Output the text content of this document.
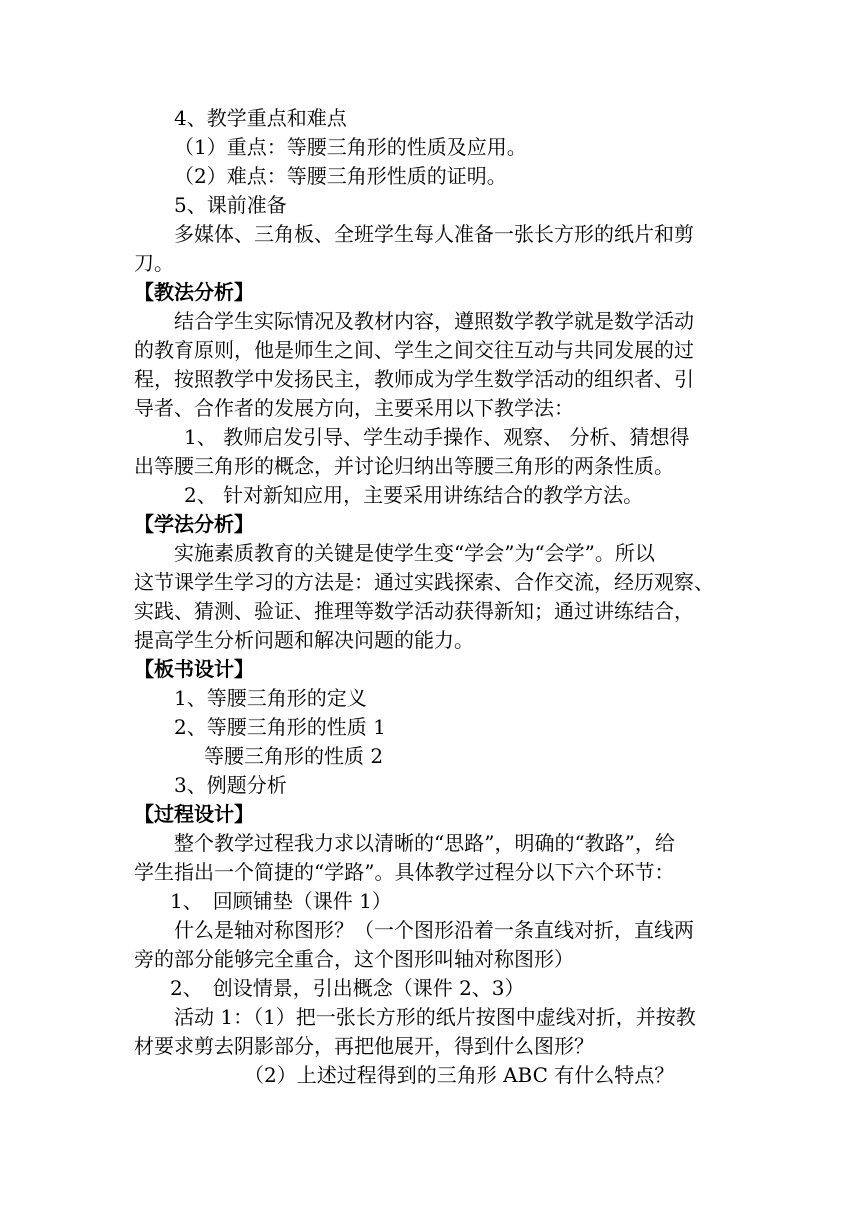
4、教学重点和难点
（1）重点：等腰三角形的性质及应用。
（2）难点：等腰三角形性质的证明。
5、课前准备
多媒体、三角板、全班学生每人准备一张长方形的纸片和剪
刀。
【教法分析】
结合学生实际情况及教材内容，遵照数学教学就是数学活动
的教育原则，他是师生之间、学生之间交往互动与共同发展的过
程，按照教学中发扬民主，教师成为学生数学活动的组织者、引
导者、合作者的发展方向，主要采用以下教学法：
1、 教师启发引导、学生动手操作、观察、 分析、猜想得
出等腰三角形的概念，并讨论归纳出等腰三角形的两条性质。
2、 针对新知应用，主要采用讲练结合的教学方法。
【学法分析】
实施素质教育的关键是使学生变“学会”为“会学”。所以
这节课学生学习的方法是：通过实践探索、合作交流，经历观察、
实践、猜测、验证、推理等数学活动获得新知；通过讲练结合，
提高学生分析问题和解决问题的能力。
【板书设计】
1、等腰三角形的定义
2、等腰三角形的性质 1
等腰三角形的性质 2
3、例题分析
【过程设计】
整个教学过程我力求以清晰的“思路”，明确的“教路”，给
学生指出一个简捷的“学路”。具体教学过程分以下六个环节：
1、　回顾铺垫（课件 1）
什么是轴对称图形？（一个图形沿着一条直线对折，直线两
旁的部分能够完全重合，这个图形叫轴对称图形）
2、　创设情景，引出概念（课件 2、3）
活动 1：（1）把一张长方形的纸片按图中虚线对折，并按教
材要求剪去阴影部分，再把他展开，得到什么图形？
（2）上述过程得到的三角形 ABC 有什么特点？
